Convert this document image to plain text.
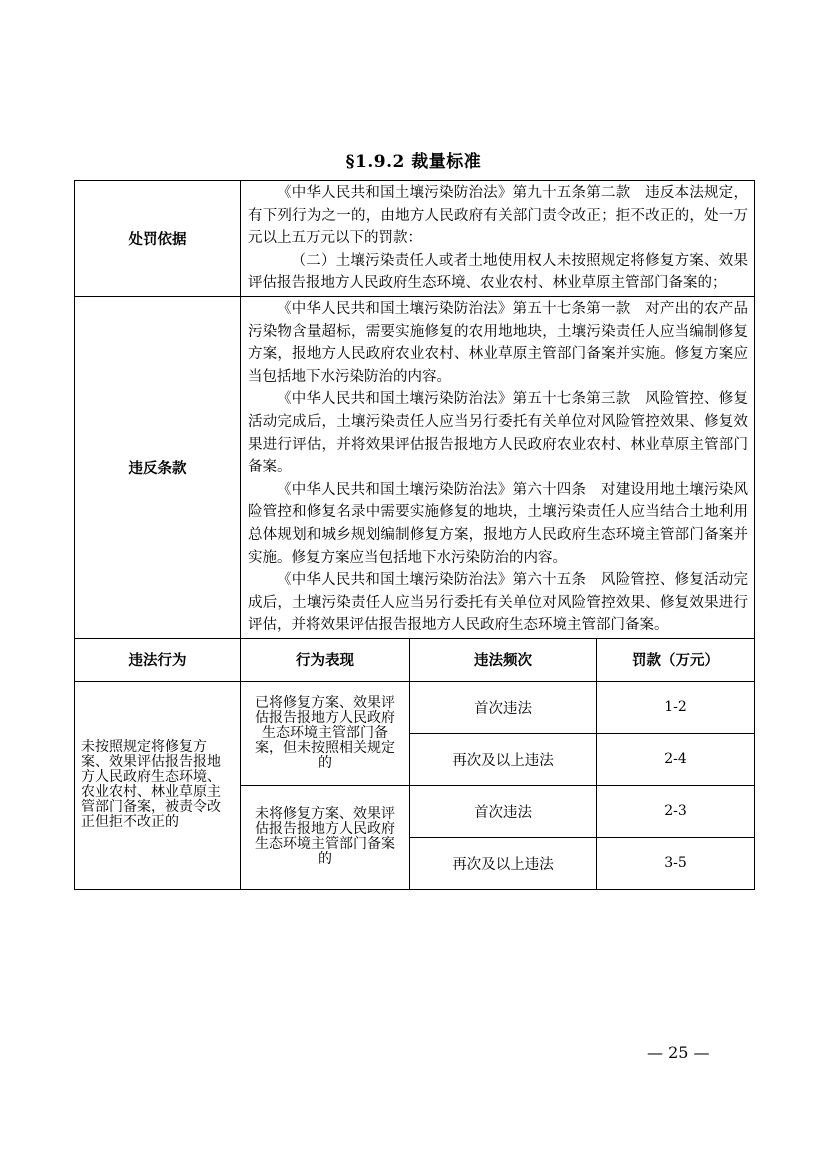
§1.9.2 裁量标准
处罚依据	《中华人民共和国土壤污染防治法》第九十五条第二款　违反本法规定，有下列行为之一的，由地方人民政府有关部门责令改正；拒不改正的，处一万元以上五万元以下的罚款：

（二）土壤污染责任人或者土地使用权人未按照规定将修复方案、效果评估报告报地方人民政府生态环境、农业农村、林业草原主管部门备案的；		

违反条款	《中华人民共和国土壤污染防治法》第五十七条第一款　对产出的农产品污染物含量超标，需要实施修复的农用地地块，土壤污染责任人应当编制修复方案，报地方人民政府农业农村、林业草原主管部门备案并实施。修复方案应当包括地下水污染防治的内容。

《中华人民共和国土壤污染防治法》第五十七条第三款　风险管控、修复活动完成后，土壤污染责任人应当另行委托有关单位对风险管控效果、修复效果进行评估，并将效果评估报告报地方人民政府农业农村、林业草原主管部门备案。

《中华人民共和国土壤污染防治法》第六十四条　对建设用地土壤污染风险管控和修复名录中需要实施修复的地块，土壤污染责任人应当结合土地利用总体规划和城乡规划编制修复方案，报地方人民政府生态环境主管部门备案并实施。修复方案应当包括地下水污染防治的内容。

《中华人民共和国土壤污染防治法》第六十五条　风险管控、修复活动完成后，土壤污染责任人应当另行委托有关单位对风险管控效果、修复效果进行评估，并将效果评估报告报地方人民政府生态环境主管部门备案。		

违法行为	行为表现	违法频次	罚款（万元）
未按照规定将修复方案、效果评估报告报地方人民政府生态环境、农业农村、林业草原主管部门备案，被责令改正但拒不改正的	已将修复方案、效果评估报告报地方人民政府生态环境主管部门备案，但未按照相关规定的	首次违法	1-2
		再次及以上违法	2-4
	未将修复方案、效果评估报告报地方人民政府生态环境主管部门备案的	首次违法	2-3
		再次及以上违法	3-5
— 25 —
